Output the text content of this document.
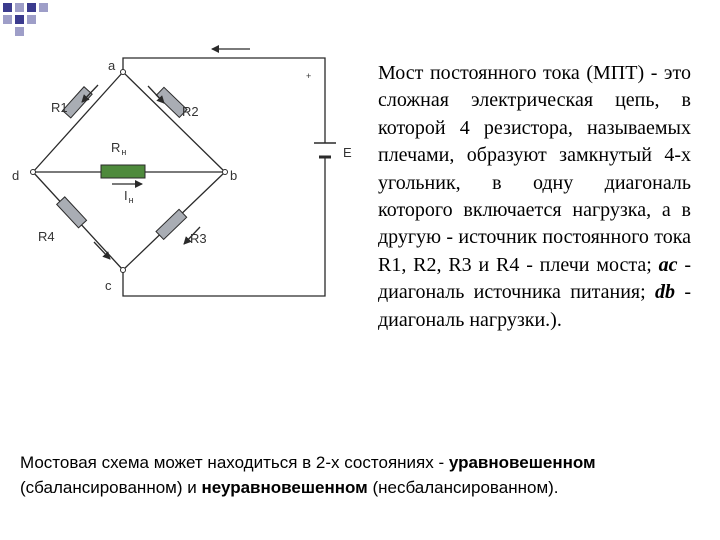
a
b
c
d
R1	R2
R3
R4
$R_н$
$I_н$
E
+	Мост постоянного тока (МПТ) - это сложная электрическая цепь, в которой 4 резистора, называемых плечами, образуют замкнутый 4-х угольник, в одну диагональ которого включается нагрузка, а в другую - источник постоянного тока R1, R2, R3 и R4 - плечи моста; ac - диагональ источника питания; db - диагональ нагрузки.).

Мостовая схема может находиться в 2-х состояниях - уравновешенном
(сбалансированном) и неуравновешенном (несбалансированном).
